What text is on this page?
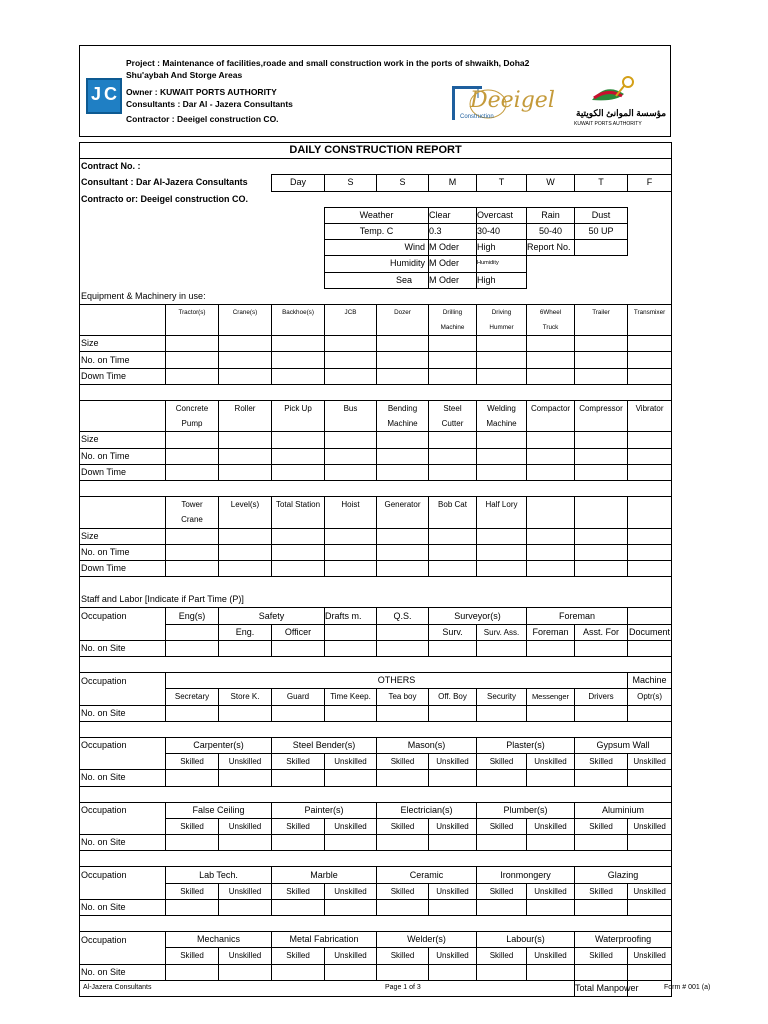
Project : Maintenance of facilities,roade and small construction work in the ports of shwaikh, Doha2
Shu'aybah And Storge Areas
J C Owner : KUWAIT PORTS AUTHORITY
Consultants : Dar Al - Jazera Consultants
Contractor : Deeigel construction CO.
Deeigel
Construction	مؤسسة الموانئ الكويتية
KUWAIT PORTS AUTHORITY
DAILY CONSTRUCTION REPORT										
Contract No. :										
Consultant : Dar Al-Jazera Consultants			Day	S	S	M	T	W	T	F
Contracto or: Deeigel construction CO.										
				Weather		Clear	Overcast	Rain	Dust	
				Temp. C		0.3	30-40	50-40	50 UP	
				Wind		M Oder	High	Report No.		
				Humidity		M Oder	Humidity			
				Sea		M Oder	High			
Equipment & Machinery in use:										
	Tractor(s)	Crane(s)	Backhoe(s)	JCB	Dozer	Drilling	Driving	6Wheel	Trailer	Transmixer
						Machine	Hummer	Truck		
Size										
No. on Time										
Down Time										

	Concrete	Roller	Pick Up	Bus	Bending	Steel	Welding	Compactor	Compressor	Vibrator
	Pump				Machine	Cutter	Machine			
Size										
No. on Time										
Down Time										

	Tower	Level(s)	Total Station	Hoist	Generator	Bob Cat	Half Lory			
	Crane									
Size										
No. on Time										
Down Time										

Staff and Labor [Indicate if Part Time (P)]										
Occupation	Eng(s)	Safety		Drafts m.	Q.S.	Surveyor(s)		Foreman		
		Eng.	Officer			Surv.	Surv. Ass.	Foreman	Asst. For	Document
No. on Site										

Occupation	OTHERS									Machine
	Secretary	Store K.	Guard	Time Keep.	Tea boy	Off. Boy	Security	Messenger	Drivers	Optr(s)
No. on Site										

Occupation	Carpenter(s)		Steel Bender(s)		Mason(s)		Plaster(s)		Gypsum Wall	
	Skilled	Unskilled	Skilled	Unskilled	Skilled	Unskilled	Skilled	Unskilled	Skilled	Unskilled
No. on Site										

Occupation	False Ceiling		Painter(s)		Electrician(s)		Plumber(s)		Aluminium	
	Skilled	Unskilled	Skilled	Unskilled	Skilled	Unskilled	Skilled	Unskilled	Skilled	Unskilled
No. on Site										

Occupation	Lab Tech.		Marble		Ceramic		Ironmongery		Glazing	
	Skilled	Unskilled	Skilled	Unskilled	Skilled	Unskilled	Skilled	Unskilled	Skilled	Unskilled
No. on Site										

Occupation	Mechanics		Metal Fabrication		Welder(s)		Labour(s)		Waterproofing	
	Skilled	Unskilled	Skilled	Unskilled	Skilled	Unskilled	Skilled	Unskilled	Skilled	Unskilled
No. on Site										
									Total Manpower	
Al-Jazera Consultants	Page 1 of 3	Form # 001 (a)
